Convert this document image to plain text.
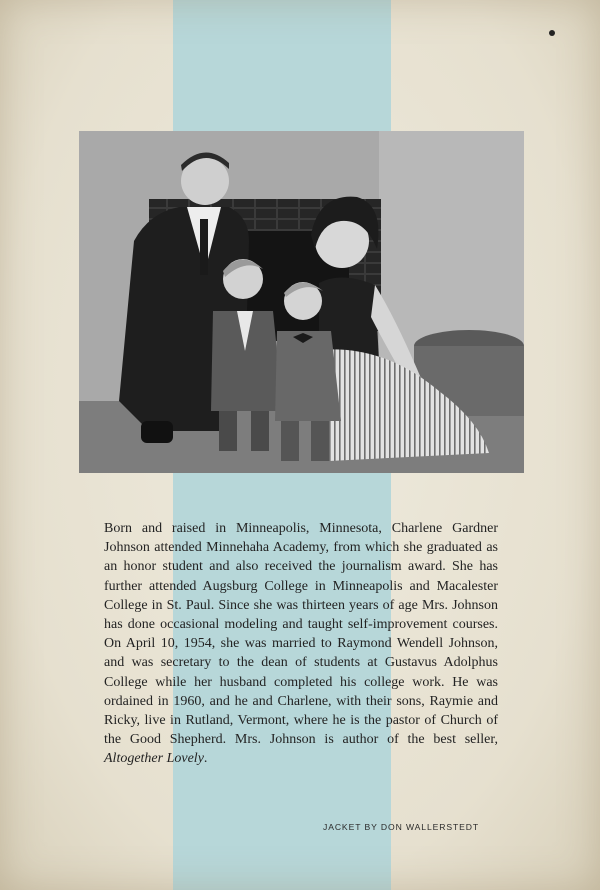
Born and raised in Minneapolis, Minnesota, Charlene Gardner Johnson attended Minnehaha Academy, from which she graduated as an honor student and also received the journalism award. She has further attended Augsburg College in Minneapolis and Macalester College in St. Paul. Since she was thirteen years of age Mrs. Johnson has done occasional modeling and taught self-improvement courses. On April 10, 1954, she was married to Raymond Wendell Johnson, and was secretary to the dean of students at Gustavus Adolphus College while her husband completed his college work. He was ordained in 1960, and he and Charlene, with their sons, Raymie and Ricky, live in Rutland, Vermont, where he is the pastor of Church of the Good Shepherd. Mrs. Johnson is author of the best seller, Altogether Lovely.

JACKET BY DON WALLERSTEDT
